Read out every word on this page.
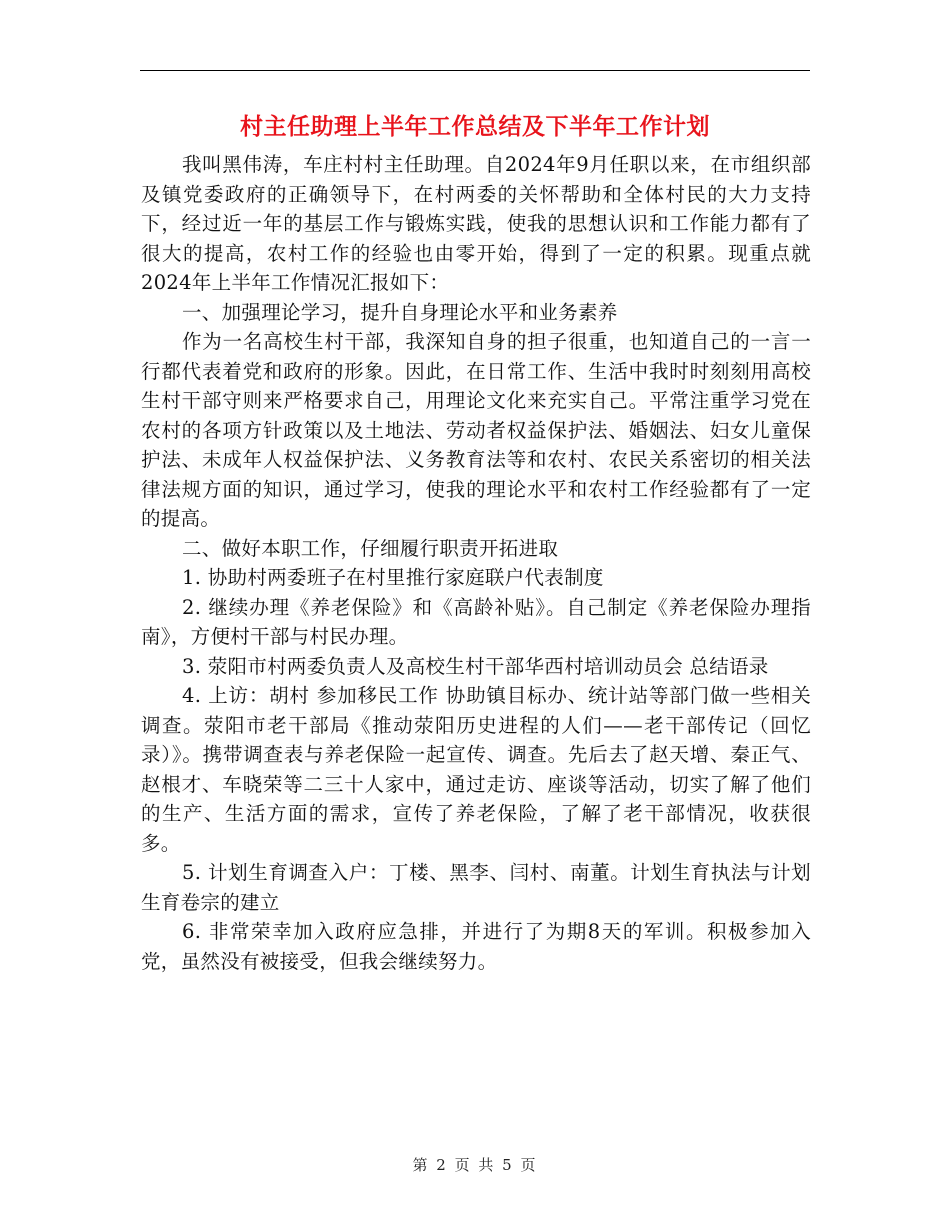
村主任助理上半年工作总结及下半年工作计划

我叫黑伟涛，车庄村村主任助理。自2024年9月任职以来，在市组织部及镇党委政府的正确领导下，在村两委的关怀帮助和全体村民的大力支持下，经过近一年的基层工作与锻炼实践，使我的思想认识和工作能力都有了很大的提高，农村工作的经验也由零开始，得到了一定的积累。现重点就2024年上半年工作情况汇报如下：

一、加强理论学习，提升自身理论水平和业务素养

作为一名高校生村干部，我深知自身的担子很重，也知道自己的一言一行都代表着党和政府的形象。因此，在日常工作、生活中我时时刻刻用高校生村干部守则来严格要求自己，用理论文化来充实自己。平常注重学习党在农村的各项方针政策以及土地法、劳动者权益保护法、婚姻法、妇女儿童保护法、未成年人权益保护法、义务教育法等和农村、农民关系密切的相关法律法规方面的知识，通过学习，使我的理论水平和农村工作经验都有了一定的提高。

二、做好本职工作，仔细履行职责开拓进取

1. 协助村两委班子在村里推行家庭联户代表制度

2. 继续办理《养老保险》和《高龄补贴》。自己制定《养老保险办理指南》，方便村干部与村民办理。

3. 荥阳市村两委负责人及高校生村干部华西村培训动员会 总结语录

4. 上访：胡村 参加移民工作 协助镇目标办、统计站等部门做一些相关调查。荥阳市老干部局《推动荥阳历史进程的人们——老干部传记（回忆录）》。携带调查表与养老保险一起宣传、调查。先后去了赵天增、秦正气、赵根才、车晓荣等二三十人家中，通过走访、座谈等活动，切实了解了他们的生产、生活方面的需求，宣传了养老保险，了解了老干部情况，收获很多。

5. 计划生育调查入户：丁楼、黑李、闫村、南董。计划生育执法与计划生育卷宗的建立

6. 非常荣幸加入政府应急排，并进行了为期8天的军训。积极参加入党，虽然没有被接受，但我会继续努力。

第 2 页 共 5 页
